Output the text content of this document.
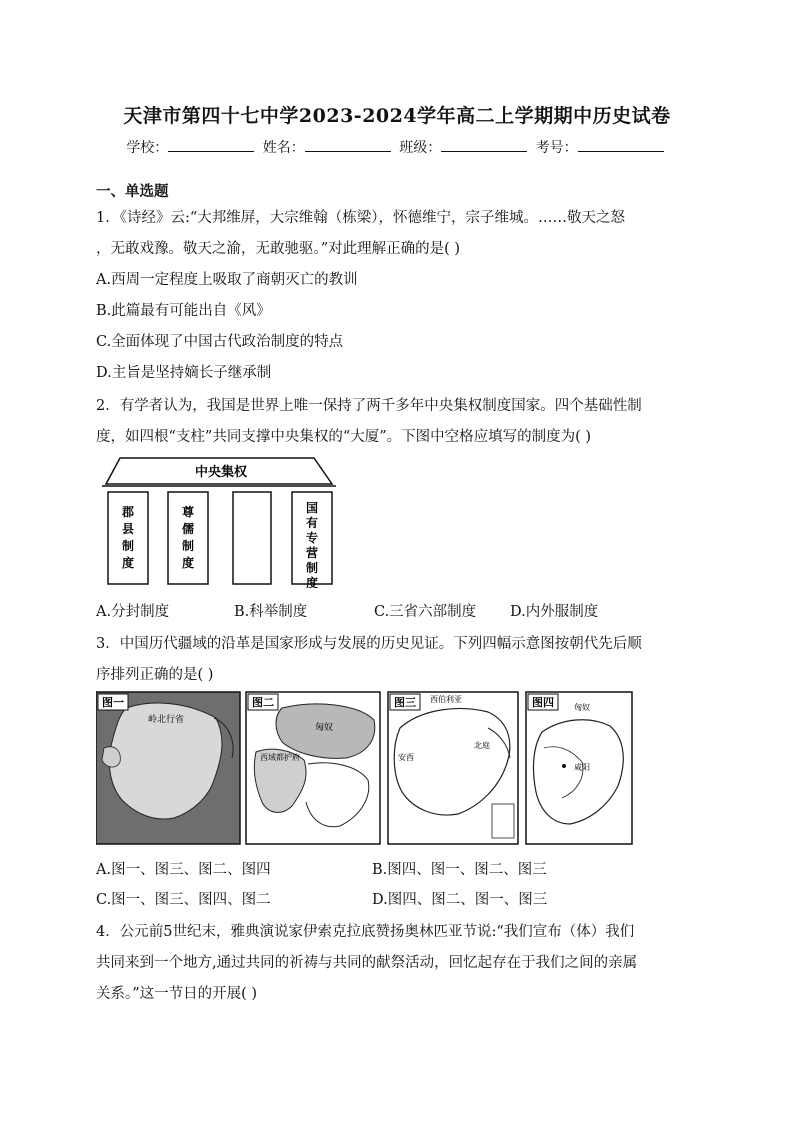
天津市第四十七中学2023-2024学年高二上学期期中历史试卷
学校：	姓名：	班级：	考号：
一、单选题
1．《诗经》云:“大邦维屏，大宗维翰（栋梁），怀德维宁，宗子维城。……敬天之怒
，无敢戏豫。敬天之渝，无敢驰驱。”对此理解正确的是( )
A.西周一定程度上吸取了商朝灭亡的教训
B.此篇最有可能出自《风》
C.全面体现了中国古代政治制度的特点
D.主旨是坚持嫡长子继承制
2．有学者认为，我国是世界上唯一保持了两千多年中央集权制度国家。四个基础性制
度，如四根“支柱”共同支撑中央集权的“大厦”。下图中空格应填写的制度为( )
中央集权
郡县制度
尊儒制度
国有专营制度
A.分封制度	B.科举制度	C.三省六部制度 D.内外服制度
3．中国历代疆域的沿革是国家形成与发展的历史见证。下列四幅示意图按朝代先后顺
序排列正确的是( )
图一
岭北行省
图二
匈奴
西域都护府
图三 西伯利亚
安西
北庭
图四	匈奴
咸阳
A.图一、图三、图二、图四	B.图四、图一、图二、图三
C.图一、图三、图四、图二	D.图四、图二、图一、图三
4．公元前5世纪末，雅典演说家伊索克拉底赞扬奥林匹亚节说:“我们宣布（体）我们
共同来到一个地方,通过共同的祈祷与共同的献祭活动，回忆起存在于我们之间的亲属
关系。”这一节日的开展( )
